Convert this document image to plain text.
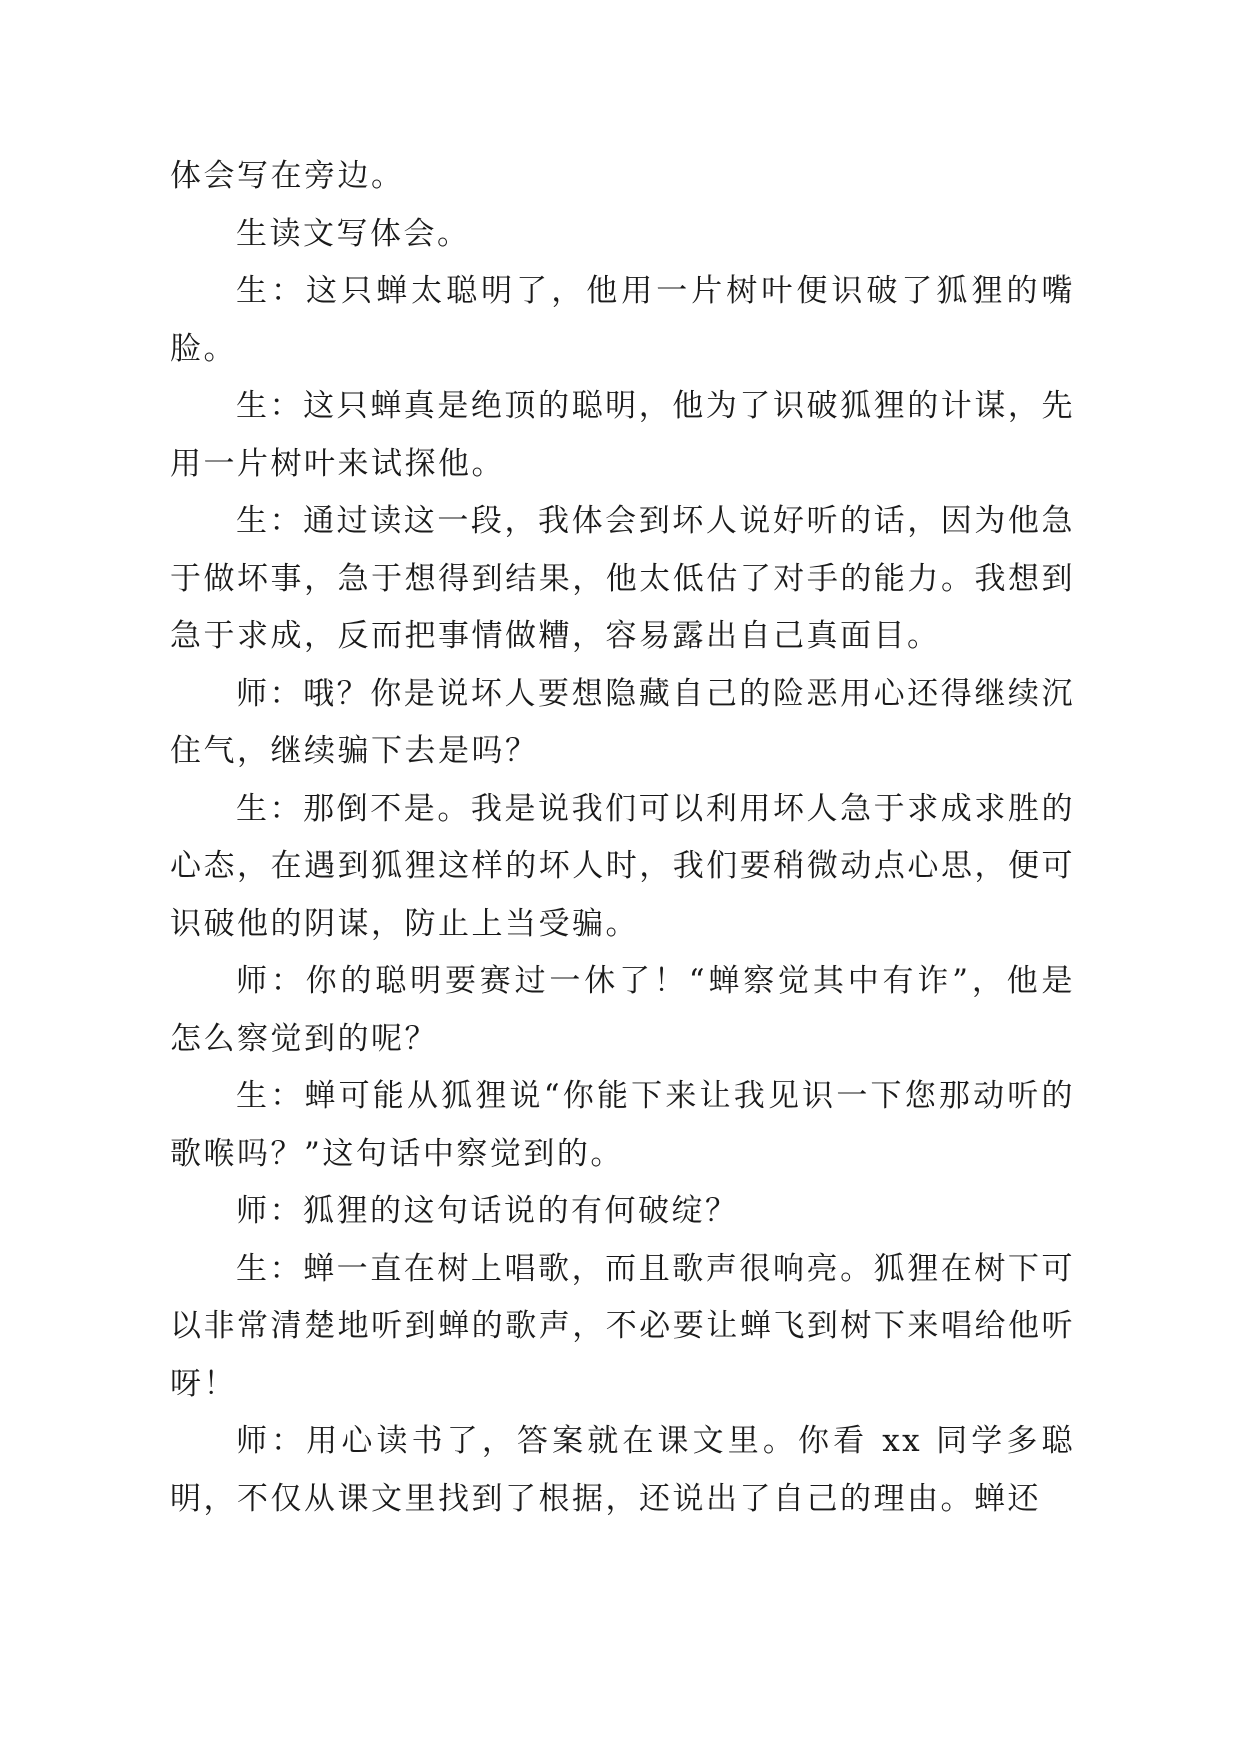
体会写在旁边。

生读文写体会。

生：这只蝉太聪明了，他用一片树叶便识破了狐狸的嘴脸。

生：这只蝉真是绝顶的聪明，他为了识破狐狸的计谋，先用一片树叶来试探他。

生：通过读这一段，我体会到坏人说好听的话，因为他急于做坏事，急于想得到结果，他太低估了对手的能力。我想到急于求成，反而把事情做糟，容易露出自己真面目。

师：哦？你是说坏人要想隐藏自己的险恶用心还得继续沉住气，继续骗下去是吗？

生：那倒不是。我是说我们可以利用坏人急于求成求胜的心态，在遇到狐狸这样的坏人时，我们要稍微动点心思，便可识破他的阴谋，防止上当受骗。

师：你的聪明要赛过一休了！“蝉察觉其中有诈”，他是怎么察觉到的呢？

生：蝉可能从狐狸说“你能下来让我见识一下您那动听的歌喉吗？”这句话中察觉到的。

师：狐狸的这句话说的有何破绽？

生：蝉一直在树上唱歌，而且歌声很响亮。狐狸在树下可以非常清楚地听到蝉的歌声，不必要让蝉飞到树下来唱给他听呀！

师：用心读书了，答案就在课文里。你看 xx 同学多聪明，不仅从课文里找到了根据，还说出了自己的理由。蝉还
